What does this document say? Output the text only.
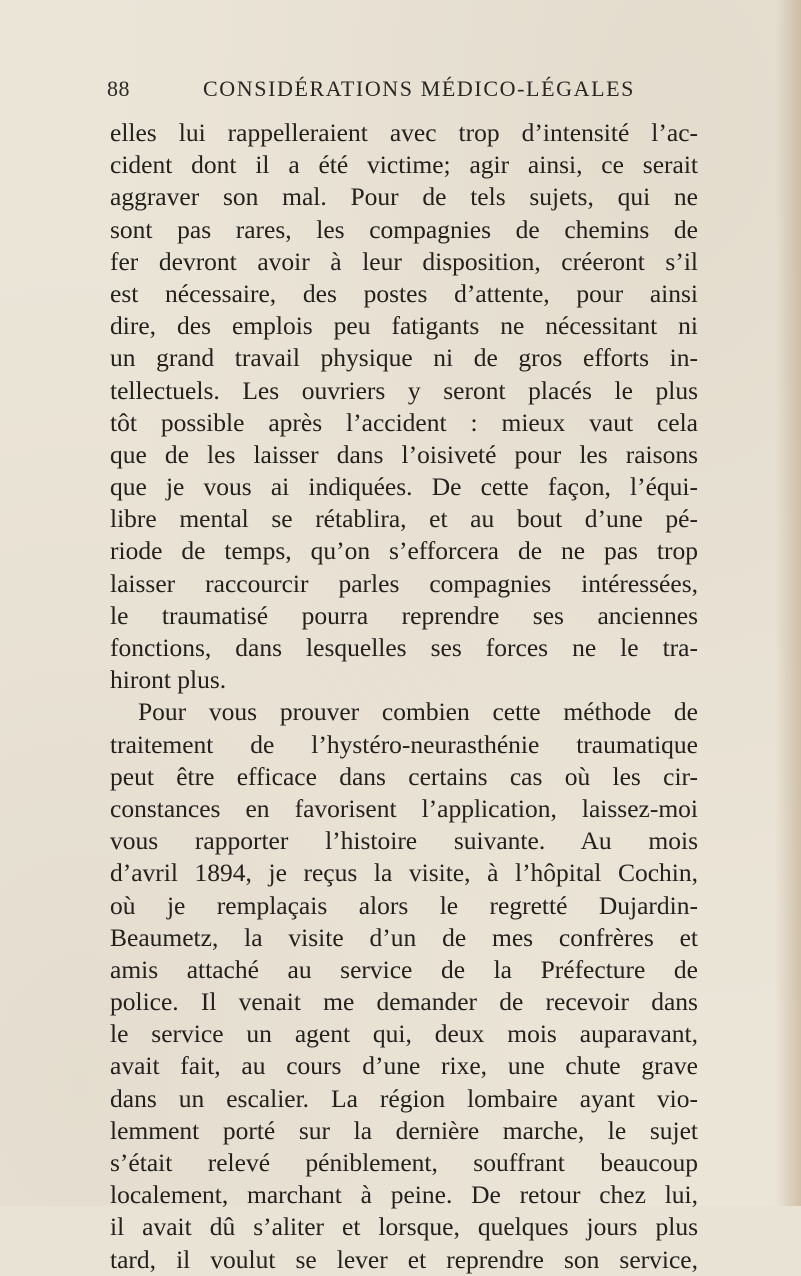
88	CONSIDÉRATIONS MÉDICO-LÉGALES
elles lui rappelleraient avec trop d’intensité l’ac-
cident dont il a été victime; agir ainsi, ce serait
aggraver son mal. Pour de tels sujets, qui ne
sont pas rares, les compagnies de chemins de
fer devront avoir à leur disposition, créeront s’il
est nécessaire, des postes d’attente, pour ainsi
dire, des emplois peu fatigants ne nécessitant ni
un grand travail physique ni de gros efforts in-
tellectuels. Les ouvriers y seront placés le plus
tôt possible après l’accident : mieux vaut cela
que de les laisser dans l’oisiveté pour les raisons
que je vous ai indiquées. De cette façon, l’équi-
libre mental se rétablira, et au bout d’une pé-
riode de temps, qu’on s’efforcera de ne pas trop
laisser raccourcir parles compagnies intéressées,
le traumatisé pourra reprendre ses anciennes
fonctions, dans lesquelles ses forces ne le tra-
hiront plus.
Pour vous prouver combien cette méthode de
traitement de l’hystéro-neurasthénie traumatique
peut être efficace dans certains cas où les cir-
constances en favorisent l’application, laissez-moi
vous rapporter l’histoire suivante. Au mois
d’avril 1894, je reçus la visite, à l’hôpital Cochin,
où je remplaçais alors le regretté Dujardin-
Beaumetz, la visite d’un de mes confrères et
amis attaché au service de la Préfecture de
police. Il venait me demander de recevoir dans
le service un agent qui, deux mois auparavant,
avait fait, au cours d’une rixe, une chute grave
dans un escalier. La région lombaire ayant vio-
lemment porté sur la dernière marche, le sujet
s’était relevé péniblement, souffrant beaucoup
localement, marchant à peine. De retour chez lui,
il avait dû s’aliter et lorsque, quelques jours plus
tard, il voulut se lever et reprendre son service,
